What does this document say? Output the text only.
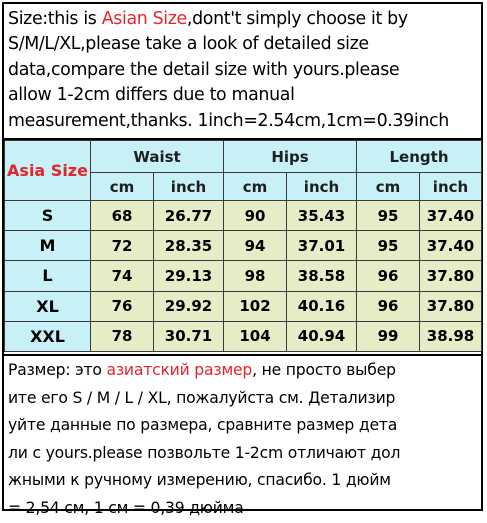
Size:this is Asian Size,dont't simply choose it by
S/M/L/XL,please take a look of detailed size
data,compare the detail size with yours.please
allow 1-2cm differs due to manual
measurement,thanks. 1inch=2.54cm,1cm=0.39inch
Asia Size	Waist		Hips		Length	
	cm	inch	cm	inch	cm	inch
S	68	26.77	90	35.43	95	37.40
M	72	28.35	94	37.01	95	37.40
L	74	29.13	98	38.58	96	37.80
XL	76	29.92	102	40.16	96	37.80
XXL	78	30.71	104	40.94	99	38.98
Размер: это азиатский размер, не просто выбер
ите его S / M / L / XL, пожалуйста см. Детализир
уйте данные по размера, сравните размер дета
ли с yours.please позвольте 1-2cm отличают дол
жными к ручному измерению, спасибо. 1 дюйм
= 2,54 см, 1 см = 0,39 дюйма
